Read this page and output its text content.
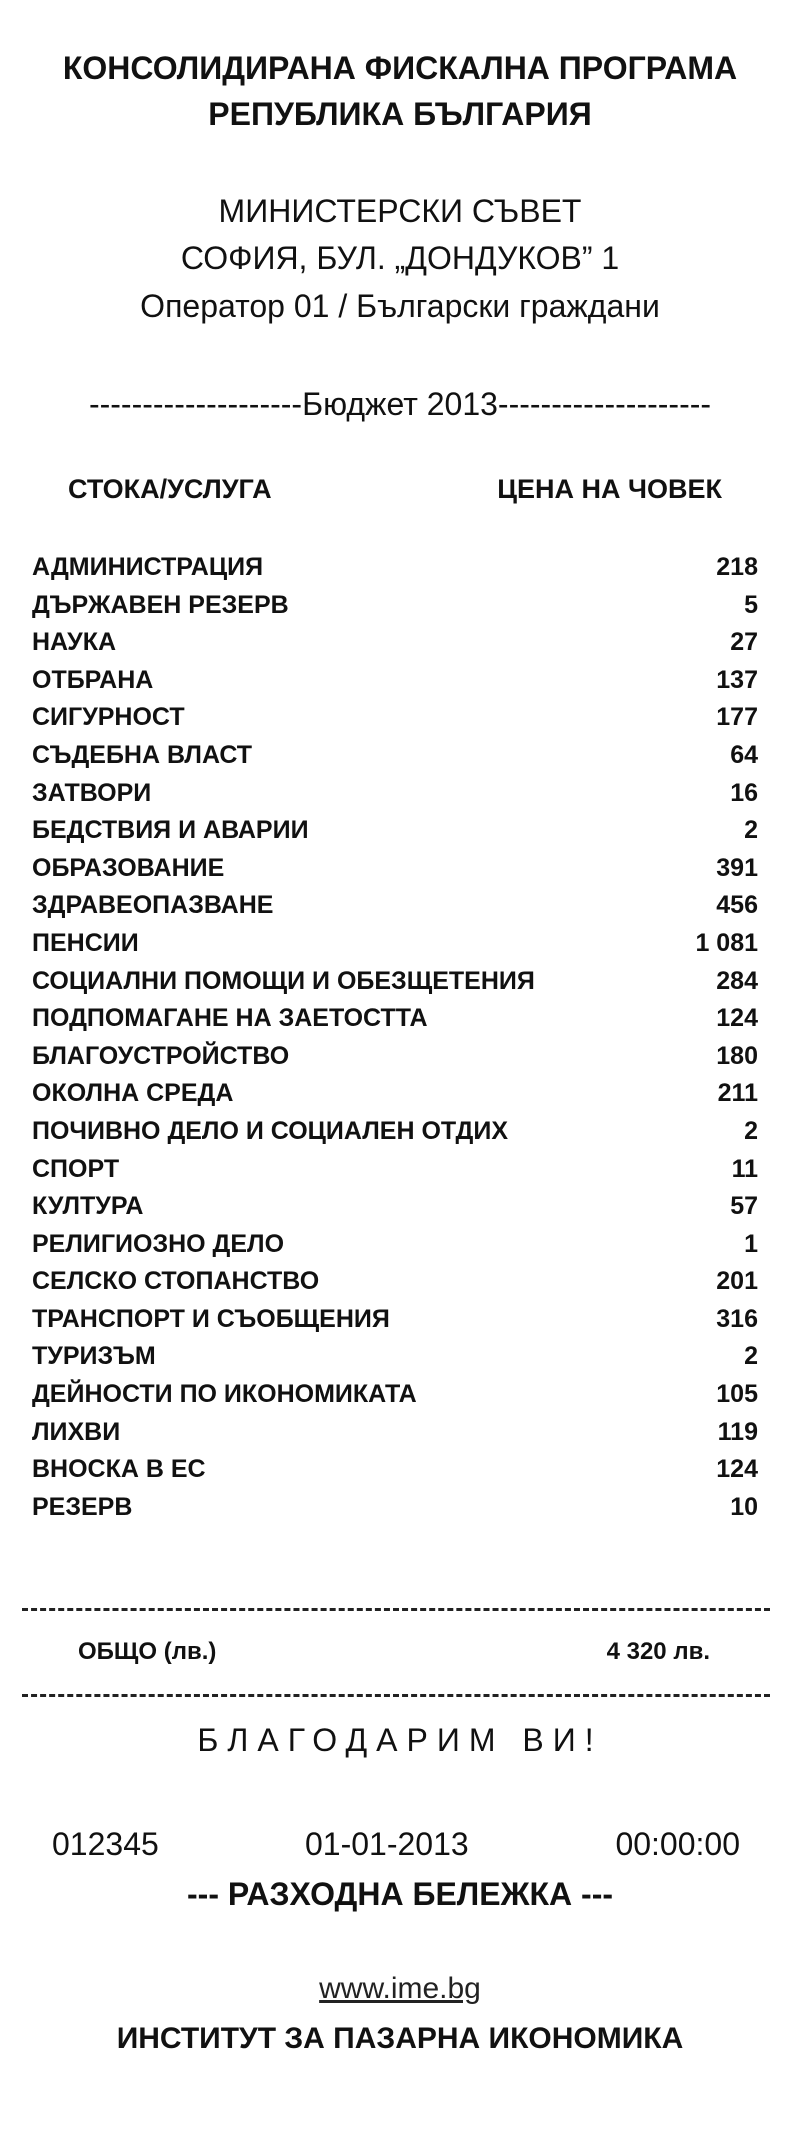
КОНСОЛИДИРАНА ФИСКАЛНА ПРОГРАМА
РЕПУБЛИКА БЪЛГАРИЯ
МИНИСТЕРСКИ СЪВЕТ
СОФИЯ, БУЛ. „ДОНДУКОВ” 1
Оператор 01 / Български граждани
--------------------Бюджет 2013--------------------
СТОКА/УСЛУГА	ЦЕНА НА ЧОВЕК
АДМИНИСТРАЦИЯ	218
ДЪРЖАВЕН РЕЗЕРВ	5
НАУКА	27
ОТБРАНА	137
СИГУРНОСТ	177
СЪДЕБНА ВЛАСТ	64
ЗАТВОРИ	16
БЕДСТВИЯ И АВАРИИ	2
ОБРАЗОВАНИЕ	391
ЗДРАВЕОПАЗВАНЕ	456
ПЕНСИИ	1 081
СОЦИАЛНИ ПОМОЩИ И ОБЕЗЩЕТЕНИЯ	284
ПОДПОМАГАНЕ НА ЗАЕТОСТТА	124
БЛАГОУСТРОЙСТВО	180
ОКОЛНА СРЕДА	211
ПОЧИВНО ДЕЛО И СОЦИАЛЕН ОТДИХ	2
СПОРТ	11
КУЛТУРА	57
РЕЛИГИОЗНО ДЕЛО	1
СЕЛСКО СТОПАНСТВО	201
ТРАНСПОРТ И СЪОБЩЕНИЯ	316
ТУРИЗЪМ	2
ДЕЙНОСТИ ПО ИКОНОМИКАТА	105
ЛИХВИ	119
ВНОСКА В ЕС	124
РЕЗЕРВ	10
ОБЩО (лв.)	4 320 лв.
БЛАГОДАРИМ ВИ!
012345	01-01-2013	00:00:00
--- РАЗХОДНА БЕЛЕЖКА ---
www.ime.bg
ИНСТИТУТ ЗА ПАЗАРНА ИКОНОМИКА
